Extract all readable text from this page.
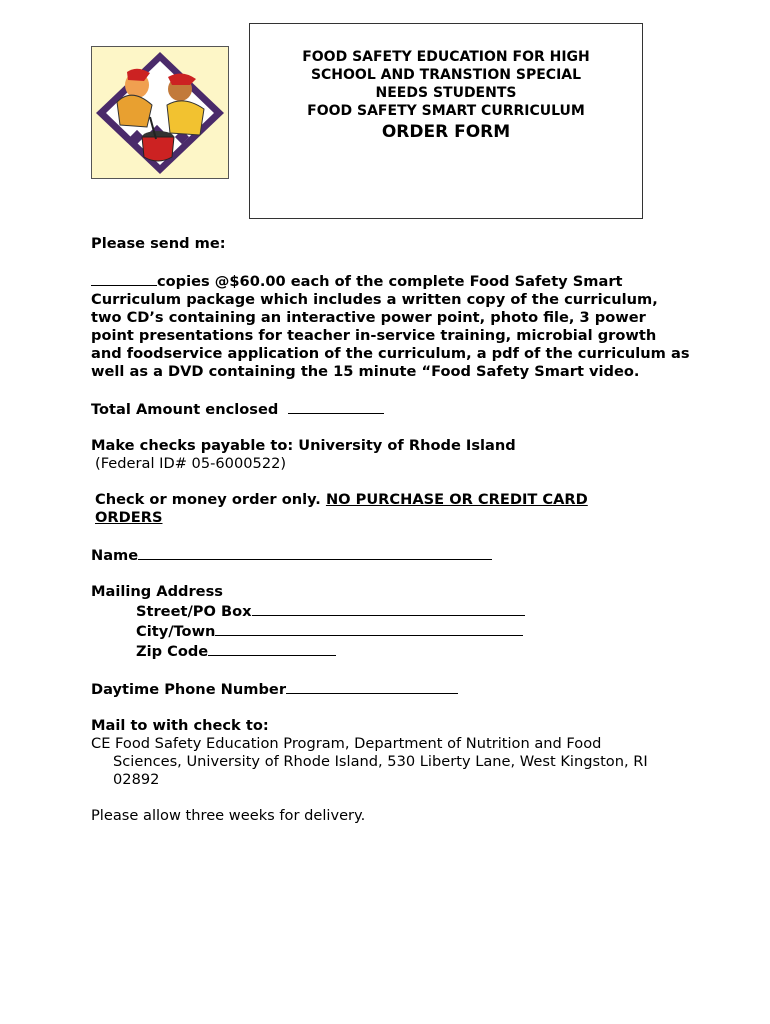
FOOD SAFETY EDUCATION FOR HIGH
SCHOOL AND TRANSTION SPECIAL
NEEDS STUDENTS
FOOD SAFETY SMART CURRICULUM
ORDER FORM

Please send me:

copies @$60.00 each of the complete Food Safety Smart Curriculum package which includes a written copy of the curriculum, two CD’s containing an interactive power point, photo file, 3 power point presentations for teacher in-service training, microbial growth and foodservice application of the curriculum, a pdf of the curriculum as well as a DVD containing the 15 minute “Food Safety Smart video.

Total Amount enclosed

Make checks payable to: University of Rhode Island

(Federal ID# 05-6000522)

Check or money order only. NO PURCHASE OR CREDIT CARD ORDERS

Name

Mailing Address

Street/PO Box

City/Town

Zip Code

Daytime Phone Number

Mail to with check to:

CE Food Safety Education Program, Department of Nutrition and Food Sciences, University of Rhode Island, 530 Liberty Lane, West Kingston, RI 02892

Please allow three weeks for delivery.
